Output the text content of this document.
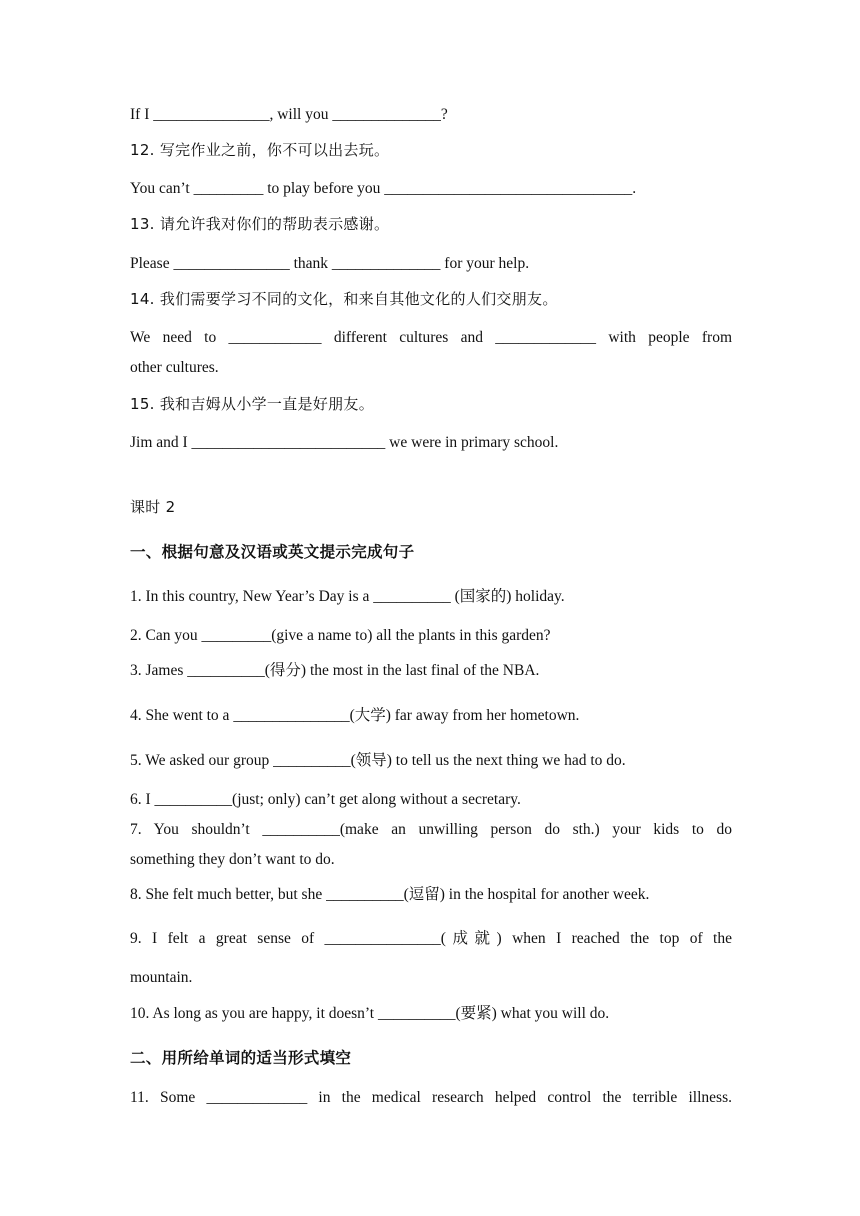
If I _______________, will you ______________?
12. 写完作业之前，你不可以出去玩。
You can’t _________ to play before you ________________________________.
13. 请允许我对你们的帮助表示感谢。
Please _______________ thank ______________ for your help.
14. 我们需要学习不同的文化，和来自其他文化的人们交朋友。
We need to ____________ different cultures and _____________ with people from
other cultures.
15. 我和吉姆从小学一直是好朋友。
Jim and I _________________________ we were in primary school.
课时 2
一、根据句意及汉语或英文提示完成句子
1. In this country, New Year’s Day is a __________ (国家的) holiday.
2. Can you _________(give a name to) all the plants in this garden?
3. James __________(得分) the most in the last final of the NBA.
4. She went to a _______________(大学) far away from her hometown.
5. We asked our group __________(领导) to tell us the next thing we had to do.
6. I __________(just; only) can’t get along without a secretary.
7. You shouldn’t __________(make an unwilling person do sth.) your kids to do
something they don’t want to do.
8. She felt much better, but she __________(逗留) in the hospital for another week.
9. I felt a great sense of _______________(成就) when I reached the top of the
mountain.
10. As long as you are happy, it doesn’t __________(要紧) what you will do.
二、用所给单词的适当形式填空
11. Some _____________ in the medical research helped control the terrible illness.
